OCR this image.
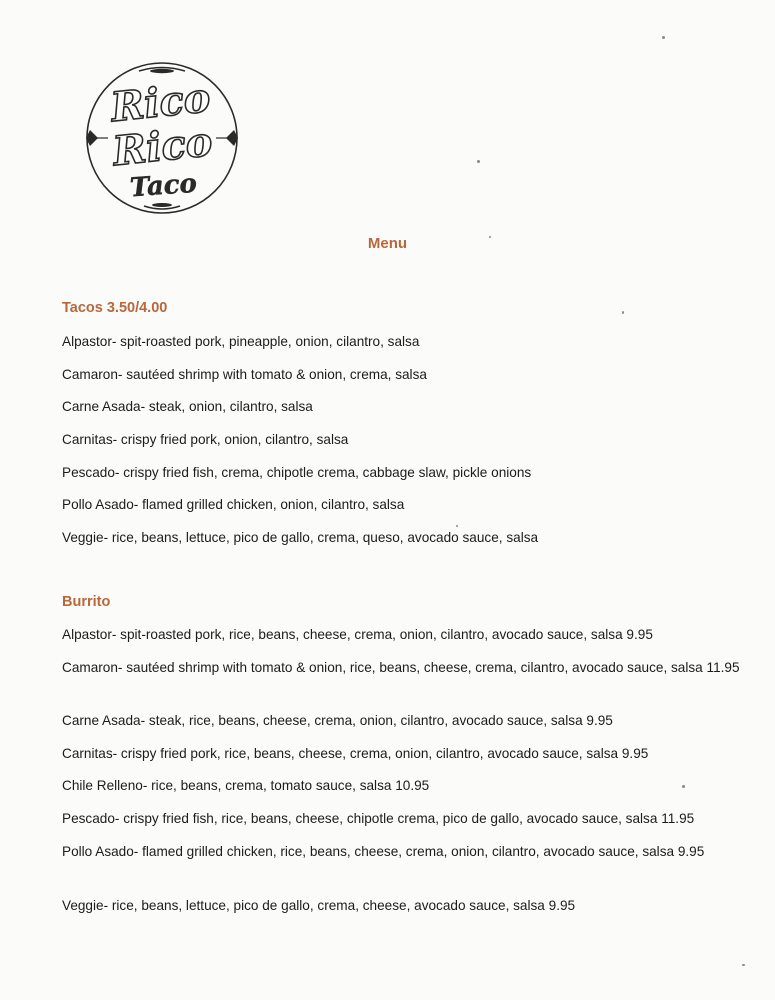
Rico
Rico
Taco
Menu
Tacos 3.50/4.00
Alpastor- spit-roasted pork, pineapple, onion, cilantro, salsa
Camaron- sautéed shrimp with tomato & onion, crema, salsa
Carne Asada- steak, onion, cilantro, salsa
Carnitas- crispy fried pork, onion, cilantro, salsa
Pescado- crispy fried fish, crema, chipotle crema, cabbage slaw, pickle onions
Pollo Asado- flamed grilled chicken, onion, cilantro, salsa
Veggie- rice, beans, lettuce, pico de gallo, crema, queso, avocado sauce, salsa
Burrito
Alpastor- spit-roasted pork, rice, beans, cheese, crema, onion, cilantro, avocado sauce, salsa 9.95
Camaron- sautéed shrimp with tomato & onion, rice, beans, cheese, crema, cilantro, avocado sauce, salsa 11.95
Carne Asada- steak, rice, beans, cheese, crema, onion, cilantro, avocado sauce, salsa 9.95
Carnitas- crispy fried pork, rice, beans, cheese, crema, onion, cilantro, avocado sauce, salsa 9.95
Chile Relleno- rice, beans, crema, tomato sauce, salsa 10.95
Pescado- crispy fried fish, rice, beans, cheese, chipotle crema, pico de gallo, avocado sauce, salsa 11.95
Pollo Asado- flamed grilled chicken, rice, beans, cheese, crema, onion, cilantro, avocado sauce, salsa 9.95
Veggie- rice, beans, lettuce, pico de gallo, crema, cheese, avocado sauce, salsa 9.95
